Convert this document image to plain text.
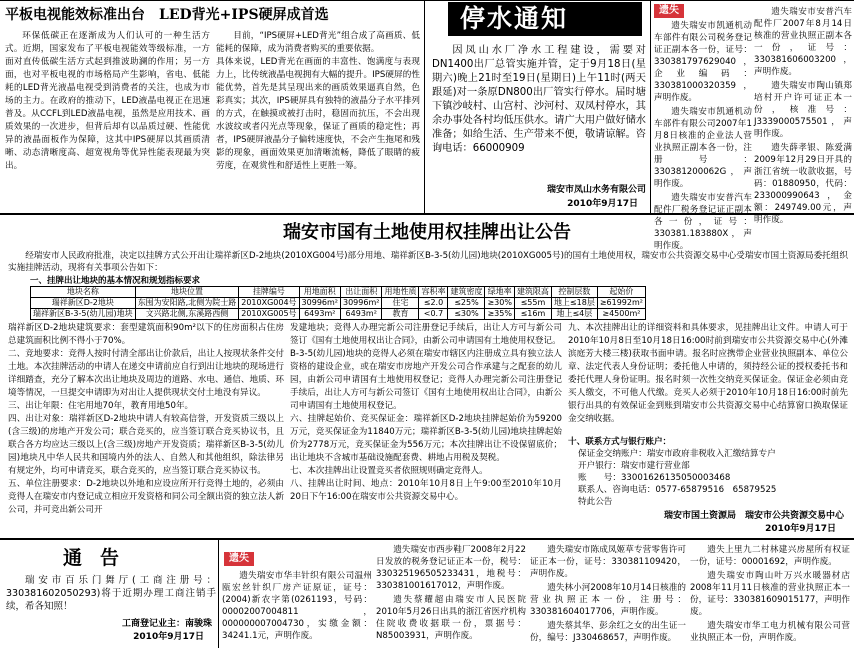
平板电视能效标准出台　LED背光+IPS硬屏成首选
环保低碳正在逐渐成为人们认可的一种生活方式。近期，国家发布了平板电视能效等级标准，一方面对直传低碳生活方式起到推波助澜的作用；另一方面，也对平板电视的市场格局产生影响，省电、低能耗的LED背光液晶电视受到消费者的关注，也成为市场的主力。在政府的推动下，LED液晶电视正在迅速普及。从CCFL到LED液晶电视，虽然是应用技术、画质效果的一次进步，但背后却有以品质过硬、性能优异的液晶面板作为保障，这其中IPS硬屏以其画质清晰、动态清晰度高、超宽视角等优异性能表现最为突出。
目前，“IPS硬屏+LED背光”组合成了高画质、低能耗的保障，成为消费者购买的重要依据。
具体来说，LED背光在画面的丰富性、饱满度与表现力上，比传统液晶电视拥有大幅的提升。IPS硬屏的性能优势，首先是其呈现出来的画质效果逼真自然，色彩真实；其次，IPS硬屏具有独特的液晶分子水平排列的方式，在触摸或被打击时，稳固而抗压，不会出现水波纹或者闪光点等现象，保证了画质的稳定性；再者，IPS硬屏液晶分子偏转速度快，不会产生拖尾和残影的现象，画面效果更加清晰流畅，降低了眼睛的疲劳度，在观赏性和舒适性上更胜一筹。
停水通知
因凤山水厂净水工程建设，需要对DN1400出厂总管实施并管，定于9月18日(星期六)晚上21时至19日(星期日)上午11时(两天跟延)对一条原DN800出厂管实行停水。届时塘下镇沙岐村、山宫村、沙河村、双凤村停水，其余办事处各村均低压供水。请广大用户做好储水准备；如给生活、生产带来不便，敬请谅解。咨询电话：66000909
瑞安市凤山水务有限公司
2010年9月17日
遗失
遗失瑞安市凯通机动车部件有限公司税务登记证正副本各一份，证号：330381797629040，企业编码：330381000320359，声明作废。
遗失瑞安市凯通机动车部件有限公司2007年1月8日核准的企业法人营业执照正副本各一份，注册号：330381200062G，声明作废。
遗失瑞安市安普汽车配件厂税务登记证正副本各一份，证号：330381.183880X，声明作废。
遗失瑞安市安普汽车配件厂2007年8月14日核准的营业执照正副本各一份，证号：330381606003200，声明作废。
遗失瑞安市陶山镇郑培村开户许可证正本一份，核准号：J3339000575501，声明作废。
遗失薛孝银、陈爱满2009年12月29日开具的浙江省统一收款收据，号码：01880950，代码：233000990643，金额：249749.00元，声明作废。
瑞安市国有土地使用权挂牌出让公告
经瑞安市人民政府批准，决定以挂牌方式公开出让瑞祥新区D-2地块(2010XG004号)部分用地、瑞祥新区B-3-5(幼儿园)地块(2010XG005号)的国有土地使用权，瑞安市公共资源交易中心受瑞安市国土资源局委托组织实施挂牌活动，现将有关事项公告如下：
一、挂牌出让地块的基本情况和规划指标要求
地块名称	地块位置	挂牌编号	用地面积	出让面积	用地性质	容积率	建筑密度	绿地率	建筑限高	控制层数	起始价
瑞祥新区D-2地块	东囤为安阳路,北侧为院士路	2010XG004号	30996m²	30996m²	住宅	≤2.0	≤25%	≥30%	≤55m	地上≤18层	≥61992m²
瑞祥新区B-3-5(幼儿园)地块	文兴路北侧,东溪路西侧	2010XG005号	6493m²	6493m²	教育	<0.7	≤30%	≥35%	≤16m	地上≤4层	≥4500m²
瑞祥新区D-2地块建筑要求：套型建筑面积90m²以下的住房面积占住房总建筑面积比例不得小于70%。
二、竞地要求：竞得人按时付清全部出让价款后，出让人按现状条件交付土地。本次挂牌活动的申请人在递交申请前应自行到出让地块的现场进行详细踏查，充分了解本次出让地块及周边的道路、水电、通信、地质、环境等情况，一旦提交申请即为对出让人提供现状交付土地没有异议。
三、出让年限：住宅用地70年，教育用地50年。
四、出让对象：瑞祥新区D-2地块申请人有较高信誉，开发资质三级以上(含三级)的房地产开发公司；联合竞买的，应当签订联合竞买协议书，且联合各方均应达三级以上(含三级)房地产开发资质；瑞祥新区B-3-5(幼儿园)地块凡中华人民共和国境内外的法人、自然人和其他组织，除法律另有规定外，均可申请竞买，联合竞买的，应当签订联合竞买协议书。
五、单位注册要求：D-2地块以外地和应设应所开行竞得土地的，必须由竞得人在瑞安市内登记成立相应开发资格和同公司全额出资的独立法人新公司，并可竞出新公司开
发建地块；竞得人办理完新公司注册登记手续后，出让人方可与新公司签订《国有土地使用权出让合同》，由新公司申请国有土地使用权登记。
B-3-5(幼儿园)地块的竞得人必须在瑞安市辖区内注册成立具有独立法人资格的建设企业，或在瑞安市房地产开发公司合作承建与之配套的幼儿园，由新公司申请国有土地使用权登记；竞得人办理完新公司注册登记手续后，出让人方可与新公司签订《国有土地使用权出让合同》，由新公司申请国有土地使用权登记。
六、挂牌起始价、竞买保证金：瑞祥新区D-2地块挂牌起始价为59200万元，竞买保证金为11840万元；瑞祥新区B-3-5(幼儿园)地块挂牌起始价为2778万元，竞买保证金为556万元；本次挂牌出让不设保留底价；出让地块不含城市基础设施配套费、耕地占用税及契税。
七、本次挂牌出让设置竞买者依照规则确定竞得人。
八、挂牌出让时间、地点：2010年10月8日上午9:00至2010年10月20日下午16:00在瑞安市公共资源交易中心。
九、本次挂牌出让的详细资料和具体要求，见挂牌出让文件。申请人可于2010年10月8日至10月18日16:00时前到瑞安市公共资源交易中心(外滩滨庭芳大楼三楼)获取书面申请。报名时应携带企业营业执照副本、单位公章、法定代表人身份证明；委托他人申请的，须持经公证的授权委托书和委托代理人身份证明。报名时须一次性交纳竞买保证金。保证金必须由竞买人缴交，不可他人代缴。竞买人必须于2010年10月18日16:00时前先银行出具的有效保证金到账到瑞安市公共资源交易中心结算窗口换取保证金交纳收据。
十、联系方式与银行账户：
保证金交纳账户：瑞安市政府非税收入汇缴结算专户
开户银行：瑞安市建行营业部
账　　号：33001626135050003468
联系人、咨询电话：0577-65879516　65879525
特此公告
瑞安市国土资源局　瑞安市公共资源交易中心
2010年9月17日
通告
瑞安市百乐门舞厅(工商注册号：330381602050293)将于近期办理工商注销手续，希各知照！
工商登记业主：南骏珠
2010年9月17日
遗失
遗失瑞安市华丰针织有限公司温州瓯宏丝针织厂房产证原证，证号：(2004)新农字第(0261193，号码：00002007004811，000000007004730，实缴金额：34241.1元，声明作废。
遗失瑞安市西步鞋厂2008年2月22日发放的税务登记证正本一份，税号：330325196505233431，地税号：330381001617012，声明作废。
遗失蔡耀超由瑞安市人民医院2010年5月26日出具的浙江省医疗机构住院收费收据联一份，票据号：N85003931，声明作废。
遗失瑞安市陈成凤姬草专营零售许可证正本一份，证号：330381109420，声明作废。
遗失林小河2008年10月14日核准的营业执照正本一份，注册号：330381604017706，声明作废。
遗失蔡其华、彭余红之女的出生证一份，编号：J330468657，声明作废。
遗失上里九二村林建兴房屋所有权证一份，证号：00001692，声明作废。
遗失瑞安市陶山叶万兴水暖器材店2008年11月11日核准的营业执照正本一份，证号：330381609015177，声明作废。
遗失瑞安市华工电力机械有限公司营业执照正本一份，声明作废。
